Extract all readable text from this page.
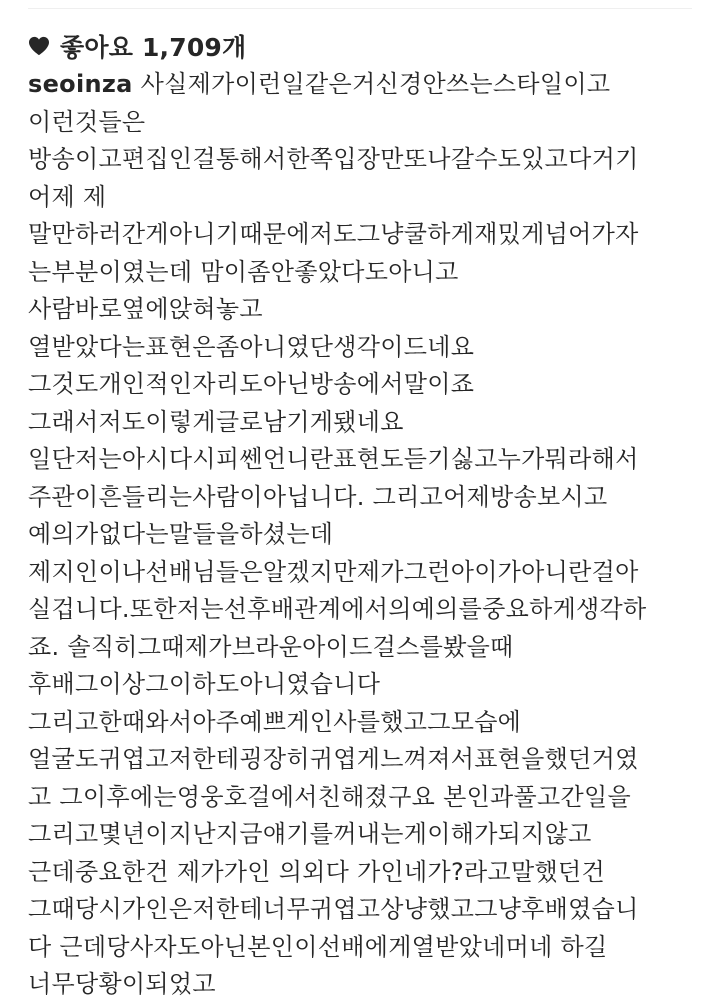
좋아요 1,709개
seoinza 사실제가이런일같은거신경안쓰는스타일이고
이런것들은
방송이고편집인걸통해서한쪽입장만또나갈수도있고다거기
어제 제
말만하러간게아니기때문에저도그냥쿨하게재밌게넘어가자
는부분이였는데 맘이좀안좋았다도아니고
사람바로옆에앉혀놓고
열받았다는표현은좀아니였단생각이드네요
그것도개인적인자리도아닌방송에서말이죠
그래서저도이렇게글로남기게됐네요
일단저는아시다시피쎈언니란표현도듣기싫고누가뭐라해서
주관이흔들리는사람이아닙니다. 그리고어제방송보시고
예의가없다는말들을하셨는데
제지인이나선배님들은알겠지만제가그런아이가아니란걸아
실겁니다.또한저는선후배관계에서의예의를중요하게생각하
죠. 솔직히그때제가브라운아이드걸스를봤을때
후배그이상그이하도아니였습니다
그리고한때와서아주예쁘게인사를했고그모습에
얼굴도귀엽고저한테굉장히귀엽게느껴져서표현을했던거였
고 그이후에는영웅호걸에서친해졌구요 본인과풀고간일을
그리고몇년이지난지금얘기를꺼내는게이해가되지않고
근데중요한건 제가가인 의외다 가인네가?라고말했던건
그때당시가인은저한테너무귀엽고상냥했고그냥후배였습니
다 근데당사자도아닌본인이선배에게열받았네머네 하길
너무당황이되었고
